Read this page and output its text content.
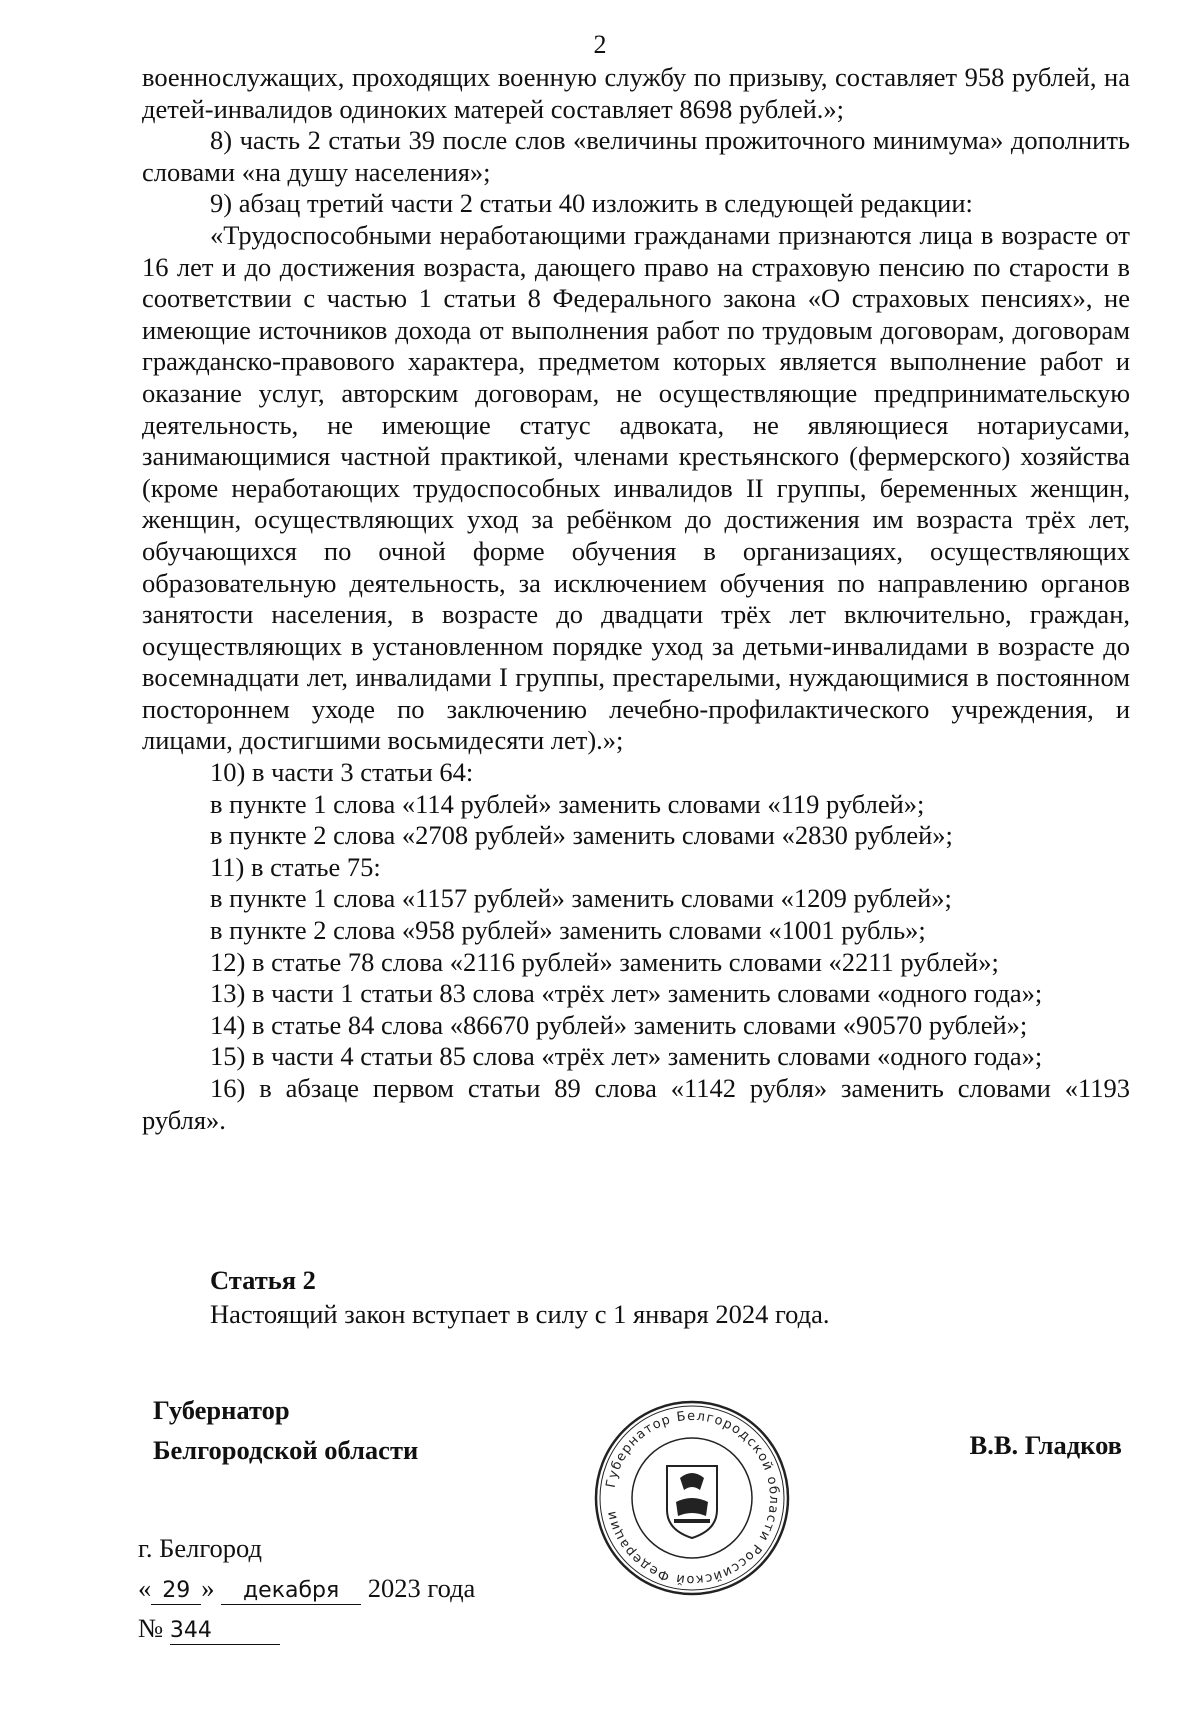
2

военнослужащих, проходящих военную службу по призыву, составляет 958 рублей, на детей-инвалидов одиноких матерей составляет 8698 рублей.»;

8) часть 2 статьи 39 после слов «величины прожиточного минимума» дополнить словами «на душу населения»;

9) абзац третий части 2 статьи 40 изложить в следующей редакции:

«Трудоспособными неработающими гражданами признаются лица в возрасте от 16 лет и до достижения возраста, дающего право на страховую пенсию по старости в соответствии с частью 1 статьи 8 Федерального закона «О страховых пенсиях», не имеющие источников дохода от выполнения работ по трудовым договорам, договорам гражданско-правового характера, предметом которых является выполнение работ и оказание услуг, авторским договорам, не осуществляющие предпринимательскую деятельность, не имеющие статус адвоката, не являющиеся нотариусами, занимающимися частной практикой, членами крестьянского (фермерского) хозяйства (кроме неработающих трудоспособных инвалидов II группы, беременных женщин, женщин, осуществляющих уход за ребёнком до достижения им возраста трёх лет, обучающихся по очной форме обучения в организациях, осуществляющих образовательную деятельность, за исключением обучения по направлению органов занятости населения, в возрасте до двадцати трёх лет включительно, граждан, осуществляющих в установленном порядке уход за детьми-инвалидами в возрасте до восемнадцати лет, инвалидами I группы, престарелыми, нуждающимися в постоянном постороннем уходе по заключению лечебно-профилактического учреждения, и лицами, достигшими восьмидесяти лет).»;

10) в части 3 статьи 64:

в пункте 1 слова «114 рублей» заменить словами «119 рублей»;

в пункте 2 слова «2708 рублей» заменить словами «2830 рублей»;

11) в статье 75:

в пункте 1 слова «1157 рублей» заменить словами «1209 рублей»;

в пункте 2 слова «958 рублей» заменить словами «1001 рубль»;

12) в статье 78 слова «2116 рублей» заменить словами «2211 рублей»;

13) в части 1 статьи 83 слова «трёх лет» заменить словами «одного года»;

14) в статье 84 слова «86670 рублей» заменить словами «90570 рублей»;

15) в части 4 статьи 85 слова «трёх лет» заменить словами «одного года»;

16) в абзаце первом статьи 89 слова «1142 рубля» заменить словами «1193 рубля».

Статья 2
Настоящий закон вступает в силу с 1 января 2024 года.
Губернатор
Белгородской области	В.В. Гладков
Губернатор Белгородской области Российской Федерации
г. Белгород
« 29 » декабря 2023 года
№ 344
